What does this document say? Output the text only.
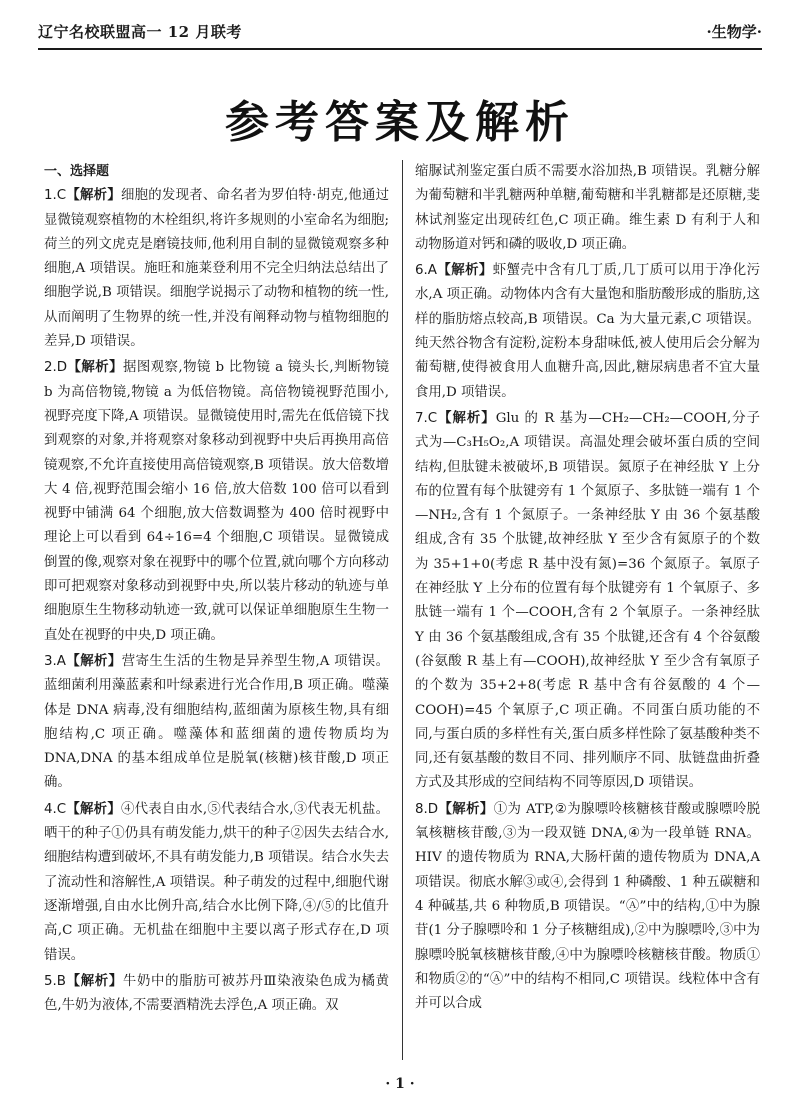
辽宁名校联盟高一 12 月联考	·生物学·
参考答案及解析
一、选择题

1.C【解析】细胞的发现者、命名者为罗伯特·胡克,他通过显微镜观察植物的木栓组织,将许多规则的小室命名为细胞;荷兰的列文虎克是磨镜技师,他利用自制的显微镜观察多种细胞,A 项错误。施旺和施莱登利用不完全归纳法总结出了细胞学说,B 项错误。细胞学说揭示了动物和植物的统一性,从而阐明了生物界的统一性,并没有阐释动物与植物细胞的差异,D 项错误。

2.D【解析】据图观察,物镜 b 比物镜 a 镜头长,判断物镜 b 为高倍物镜,物镜 a 为低倍物镜。高倍物镜视野范围小,视野亮度下降,A 项错误。显微镜使用时,需先在低倍镜下找到观察的对象,并将观察对象移动到视野中央后再换用高倍镜观察,不允许直接使用高倍镜观察,B 项错误。放大倍数增大 4 倍,视野范围会缩小 16 倍,放大倍数 100 倍可以看到视野中铺满 64 个细胞,放大倍数调整为 400 倍时视野中理论上可以看到 64÷16=4 个细胞,C 项错误。显微镜成倒置的像,观察对象在视野中的哪个位置,就向哪个方向移动即可把观察对象移动到视野中央,所以装片移动的轨迹与单细胞原生生物移动轨迹一致,就可以保证单细胞原生生物一直处在视野的中央,D 项正确。

3.A【解析】营寄生生活的生物是异养型生物,A 项错误。蓝细菌利用藻蓝素和叶绿素进行光合作用,B 项正确。噬藻体是 DNA 病毒,没有细胞结构,蓝细菌为原核生物,具有细胞结构,C 项正确。噬藻体和蓝细菌的遗传物质均为 DNA,DNA 的基本组成单位是脱氧(核糖)核苷酸,D 项正确。

4.C【解析】④代表自由水,⑤代表结合水,③代表无机盐。晒干的种子①仍具有萌发能力,烘干的种子②因失去结合水,细胞结构遭到破坏,不具有萌发能力,B 项错误。结合水失去了流动性和溶解性,A 项错误。种子萌发的过程中,细胞代谢逐渐增强,自由水比例升高,结合水比例下降,④/⑤的比值升高,C 项正确。无机盐在细胞中主要以离子形式存在,D 项错误。

5.B【解析】牛奶中的脂肪可被苏丹Ⅲ染液染色成为橘黄色,牛奶为液体,不需要酒精洗去浮色,A 项正确。双

缩脲试剂鉴定蛋白质不需要水浴加热,B 项错误。乳糖分解为葡萄糖和半乳糖两种单糖,葡萄糖和半乳糖都是还原糖,斐林试剂鉴定出现砖红色,C 项正确。维生素 D 有利于人和动物肠道对钙和磷的吸收,D 项正确。

6.A【解析】虾蟹壳中含有几丁质,几丁质可以用于净化污水,A 项正确。动物体内含有大量饱和脂肪酸形成的脂肪,这样的脂肪熔点较高,B 项错误。Ca 为大量元素,C 项错误。纯天然谷物含有淀粉,淀粉本身甜味低,被人使用后会分解为葡萄糖,使得被食用人血糖升高,因此,糖尿病患者不宜大量食用,D 项错误。

7.C【解析】Glu 的 R 基为—CH₂—CH₂—COOH,分子式为—C₃H₅O₂,A 项错误。高温处理会破坏蛋白质的空间结构,但肽键未被破坏,B 项错误。氮原子在神经肽 Y 上分布的位置有每个肽键旁有 1 个氮原子、多肽链一端有 1 个—NH₂,含有 1 个氮原子。一条神经肽 Y 由 36 个氨基酸组成,含有 35 个肽键,故神经肽 Y 至少含有氮原子的个数为 35+1+0(考虑 R 基中没有氮)=36 个氮原子。氧原子在神经肽 Y 上分布的位置有每个肽键旁有 1 个氧原子、多肽链一端有 1 个—COOH,含有 2 个氧原子。一条神经肽 Y 由 36 个氨基酸组成,含有 35 个肽键,还含有 4 个谷氨酸(谷氨酸 R 基上有—COOH),故神经肽 Y 至少含有氧原子的个数为 35+2+8(考虑 R 基中含有谷氨酸的 4 个—COOH)=45 个氧原子,C 项正确。不同蛋白质功能的不同,与蛋白质的多样性有关,蛋白质多样性除了氨基酸种类不同,还有氨基酸的数目不同、排列顺序不同、肽链盘曲折叠方式及其形成的空间结构不同等原因,D 项错误。

8.D【解析】①为 ATP,②为腺嘌呤核糖核苷酸或腺嘌呤脱氧核糖核苷酸,③为一段双链 DNA,④为一段单链 RNA。HIV 的遗传物质为 RNA,大肠杆菌的遗传物质为 DNA,A 项错误。彻底水解③或④,会得到 1 种磷酸、1 种五碳糖和 4 种碱基,共 6 种物质,B 项错误。“Ⓐ”中的结构,①中为腺苷(1 分子腺嘌呤和 1 分子核糖组成),②中为腺嘌呤,③中为腺嘌呤脱氧核糖核苷酸,④中为腺嘌呤核糖核苷酸。物质①和物质②的“Ⓐ”中的结构不相同,C 项错误。线粒体中含有并可以合成

· 1 ·
